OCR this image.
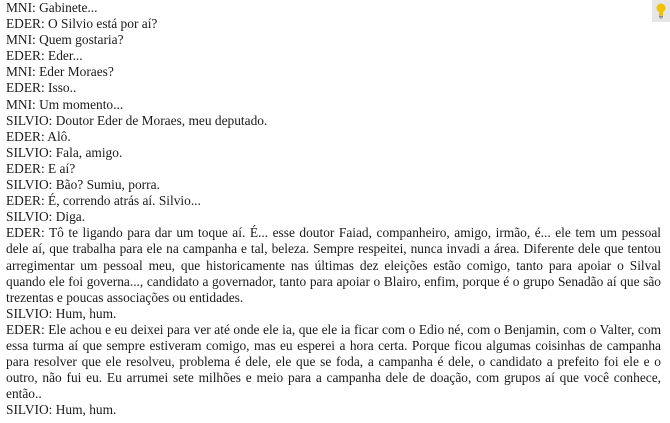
MNI: Gabinete...
EDER: O Silvio está por aí?
MNI: Quem gostaria?
EDER: Eder...
MNI: Eder Moraes?
EDER: Isso..
MNI: Um momento...
SILVIO: Doutor Eder de Moraes, meu deputado.
EDER: Alô.
SILVIO: Fala, amigo.
EDER: E aí?
SILVIO: Bão? Sumiu, porra.
EDER: É, correndo atrás aí. Silvio...
SILVIO: Diga.
EDER: Tô te ligando para dar um toque aí. É... esse doutor Faiad, companheiro, amigo, irmão, é... ele tem um pessoal dele aí, que trabalha para ele na campanha e tal, beleza. Sempre respeitei, nunca invadi a área. Diferente dele que tentou arregimentar um pessoal meu, que historicamente nas últimas dez eleições estão comigo, tanto para apoiar o Silval quando ele foi governa..., candidato a governador, tanto para apoiar o Blairo, enfim, porque é o grupo Senadão aí que são trezentas e poucas associações ou entidades.
SILVIO: Hum, hum.
EDER: Ele achou e eu deixei para ver até onde ele ia, que ele ia ficar com o Edio né, com o Benjamin, com o Valter, com essa turma aí que sempre estiveram comigo, mas eu esperei a hora certa. Porque ficou algumas coisinhas de campanha para resolver que ele resolveu, problema é dele, ele que se foda, a campanha é dele, o candidato a prefeito foi ele e o outro, não fui eu. Eu arrumei sete milhões e meio para a campanha dele de doação, com grupos aí que você conhece, então..
SILVIO: Hum, hum.
